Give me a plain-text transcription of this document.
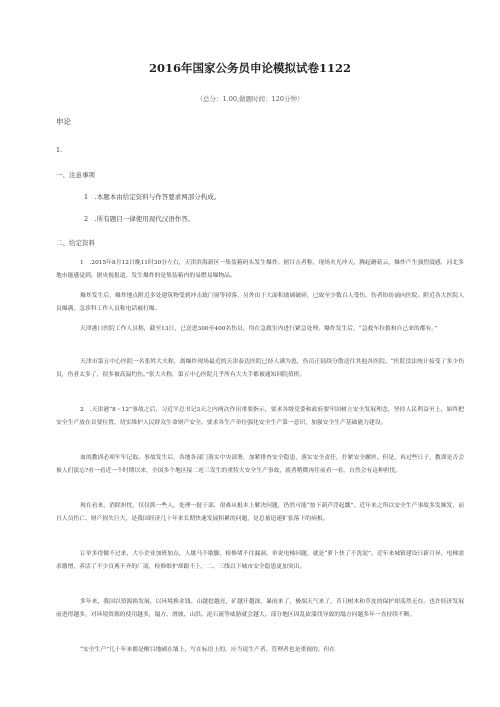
2016年国家公务员申论模拟试卷1122
（总分：1.00,做题时间：120分钟）
申论
1.
一、注意事项
1　.本题本由给定资料与作答要求两部分构成。
2　.所有题目一律使用现代汉语作答。
二、给定资料

1　.2015年8月12日晚11时30分左右，天津滨海新区一集装箱码头发生爆炸。据目击者称，现场火光冲天，腾起蘑菇云，爆炸产生强烈震感，河北多地市能感觉到。据央视报道，发生爆炸的是集装箱内的易燃易爆物品。

爆炸发生后，爆炸地点附近多处建筑物受到冲击致门窗等掉落，另外由于大面积玻璃破碎，已致至少数百人受伤，伤者纷纷涌向医院。附近各大医院人员爆满，急诊科工作人员称电话被打爆。

天津港口医院工作人员称，截至13日，已送进300至400名伤员，均在急救室内进行紧急处理。爆炸发生后，“急救车拉救和自己来的都有。”

天津市第五中心医院一名张姓大夫称，离爆炸现场最近的天津泰达医院已经人满为患，伤员正陆续分散送往其他各医院。“医院没法统计接受了多少伤员，伤者太多了，很多被高温灼伤。”张大夫称，第五中心医院几乎所有大夫手都被通知回院值班。

2　.天津港“8・12”事故之后，习近平总书记3天之内两次作出重要指示，要求各级党委和政府要牢固树立安全发展理念，坚持人民利益至上，始终把安全生产放在首要位置，切实维护人民群众生命财产安全。要求各生产单位强化安全生产第一意识，加强安全生产基础能力建设。

血的教训必须牢牢记取。事故发生后，各地各部门落实中央部署，加紧排查安全隐患，落实安全责任，拧紧安全螺丝。但是，再过些日子，教训是否会被人们淡忘?看一看近一个时期以来，全国多个地区接二连三发生的重特大安全生产事故，就者稍微再往前看一看，自然会有这种担忧。

现在看来，消除担忧，仅仅抓一些人，处理一批干部，很难从根本上解决问题，仍然可能“按下葫芦浮起瓢”。近年来之所以安全生产事故多发频发，而且人员伤亡、财产损失巨大，是我国经济几十年来长期快速发展积累的问题，是总量迅速扩张落下的病根。

订单多得做不过来，大小企业加班加点，人歇马不歇脚，检修堵不住漏洞，单说电梯问题，就是“萝卜快了不洗泥”。近年来城镇建设日新月异，电梯需求激增，养活了不少良莠不齐的厂商，检修维护却跟不上，二、三线以下城市安全隐患更加突出。

多年来，我国以资源换发展，以环境换金钱。山越挖越亮，矿越开越深，暴雨来了，极端天气来了，昔日树木和草皮的保护却荡然无存。也许经济发展前进得越多，对环境资源的使用越多，塌方、滑坡、山洪、泥石流等威胁就会越大。部分地区因乱砍滥伐导致的塌方问题多年一直持续不断。

“安全生产”几十年来都是醒目地刷在墙上，写在标语上的，应当说生产者、管理者也是重视的。但在
